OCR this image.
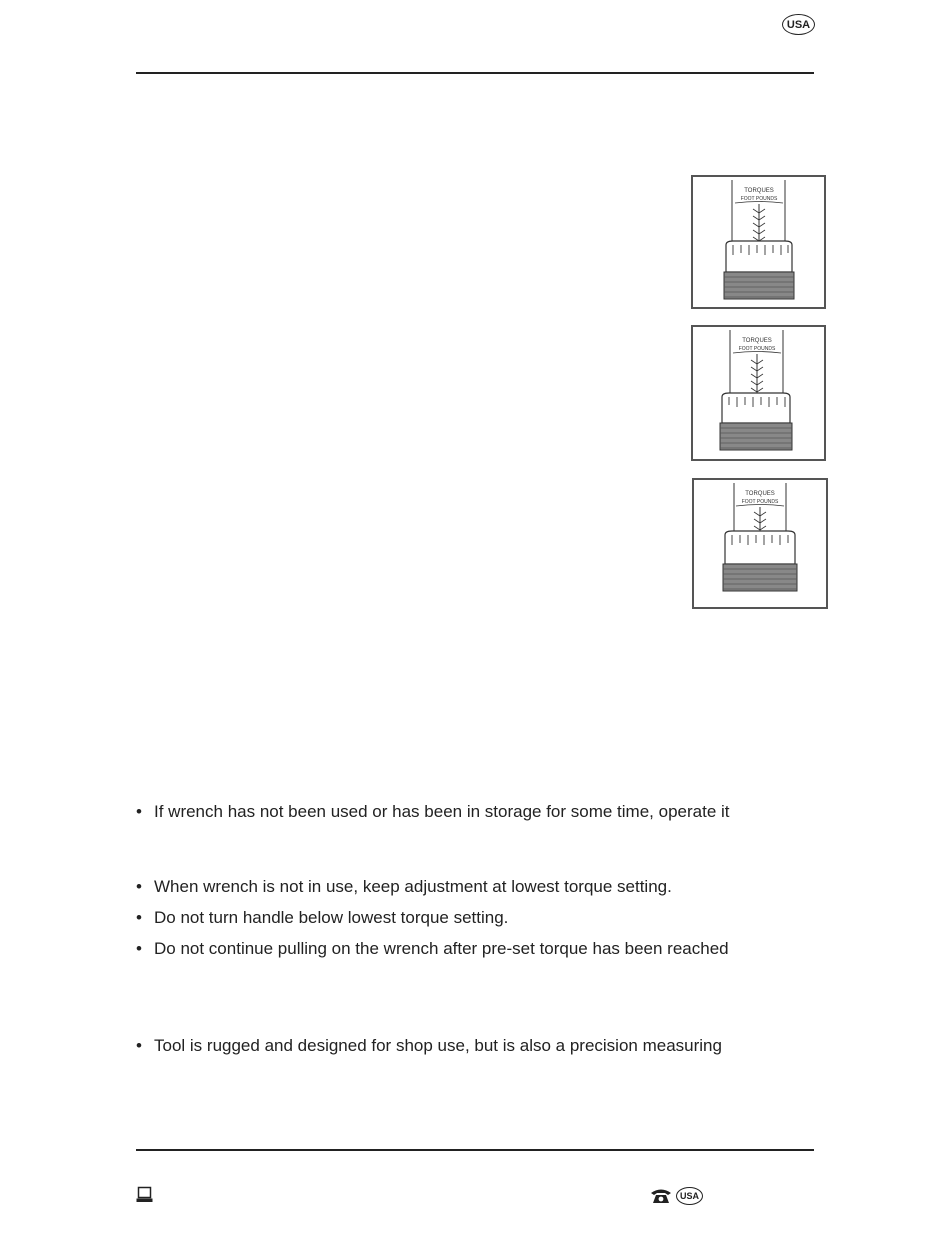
USA
TORQUES
FOOT POUNDS
TORQUES
FOOT POUNDS
TORQUES
FOOT POUNDS
• If wrench has not been used or has been in storage for some time, operate it
• When wrench is not in use, keep adjustment at lowest torque setting.
• Do not turn handle below lowest torque setting.
• Do not continue pulling on the wrench after pre-set torque has been reached
• Tool is rugged and designed for shop use, but is also a precision measuring
USA
